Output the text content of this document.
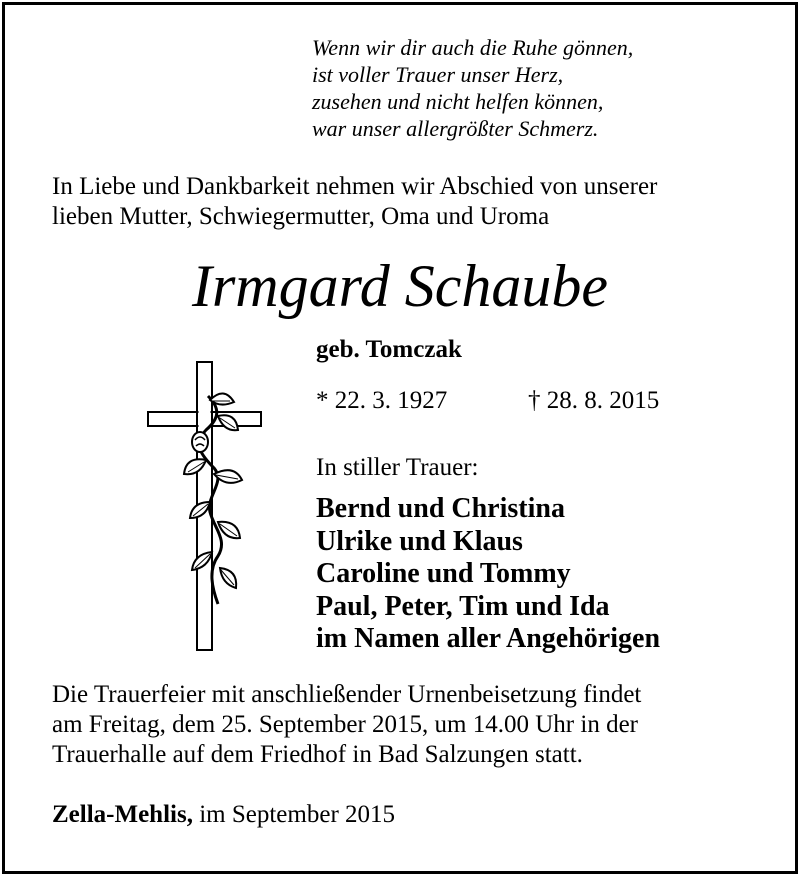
Wenn wir dir auch die Ruhe gönnen,
ist voller Trauer unser Herz,
zusehen und nicht helfen können,
war unser allergrößter Schmerz.
In Liebe und Dankbarkeit nehmen wir Abschied von unserer
lieben Mutter, Schwiegermutter, Oma und Uroma
Irmgard Schaube
geb. Tomczak
* 22. 3. 1927	† 28. 8. 2015
In stiller Trauer:
Bernd und Christina
Ulrike und Klaus
Caroline und Tommy
Paul, Peter, Tim und Ida
im Namen aller Angehörigen
Die Trauerfeier mit anschließender Urnenbeisetzung findet
am Freitag, dem 25. September 2015, um 14.00 Uhr in der
Trauerhalle auf dem Friedhof in Bad Salzungen statt.
Zella-Mehlis, im September 2015
